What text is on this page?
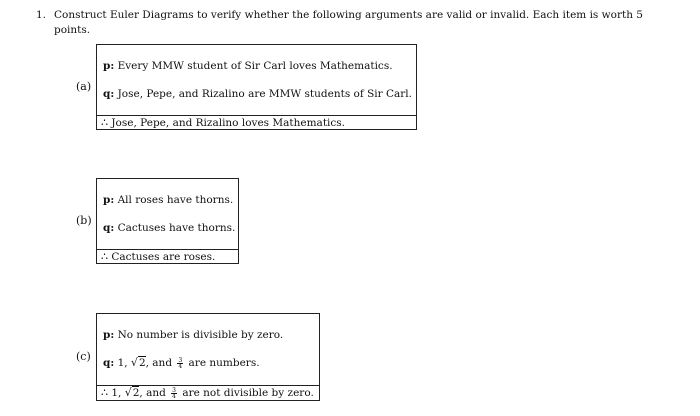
1. Construct Euler Diagrams to verify whether the following arguments are valid or invalid. Each item is worth 5 points.
(a)
p: Every MMW student of Sir Carl loves Mathematics.
q: Jose, Pepe, and Rizalino are MMW students of Sir Carl.
∴ Jose, Pepe, and Rizalino loves Mathematics.
(b)
p: All roses have thorns.
q: Cactuses have thorns.
∴ Cactuses are roses.
(c)
p: No number is divisible by zero.
q: 1, √2, and $\frac{3}{4}$ are numbers.
∴ 1, √2, and $\frac{3}{4}$ are not divisible by zero.
